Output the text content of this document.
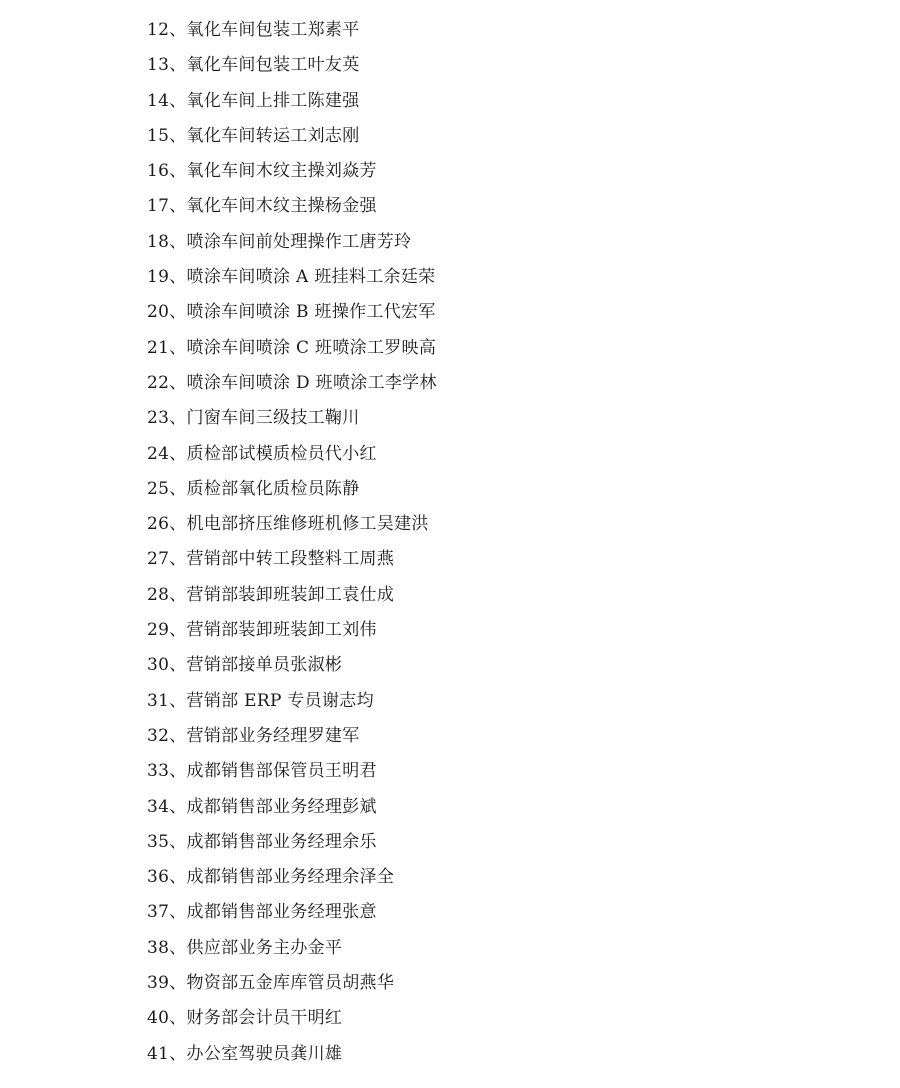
12、氧化车间包装工郑素平
13、氧化车间包装工叶友英
14、氧化车间上排工陈建强
15、氧化车间转运工刘志刚
16、氧化车间木纹主操刘焱芳
17、氧化车间木纹主操杨金强
18、喷涂车间前处理操作工唐芳玲
19、喷涂车间喷涂 A 班挂料工余廷荣
20、喷涂车间喷涂 B 班操作工代宏军
21、喷涂车间喷涂 C 班喷涂工罗映高
22、喷涂车间喷涂 D 班喷涂工李学林
23、门窗车间三级技工鞠川
24、质检部试模质检员代小红
25、质检部氧化质检员陈静
26、机电部挤压维修班机修工吴建洪
27、营销部中转工段整料工周燕
28、营销部装卸班装卸工袁仕成
29、营销部装卸班装卸工刘伟
30、营销部接单员张淑彬
31、营销部 ERP 专员谢志均
32、营销部业务经理罗建军
33、成都销售部保管员王明君
34、成都销售部业务经理彭斌
35、成都销售部业务经理余乐
36、成都销售部业务经理余泽全
37、成都销售部业务经理张意
38、供应部业务主办金平
39、物资部五金库库管员胡燕华
40、财务部会计员干明红
41、办公室驾驶员龚川雄
